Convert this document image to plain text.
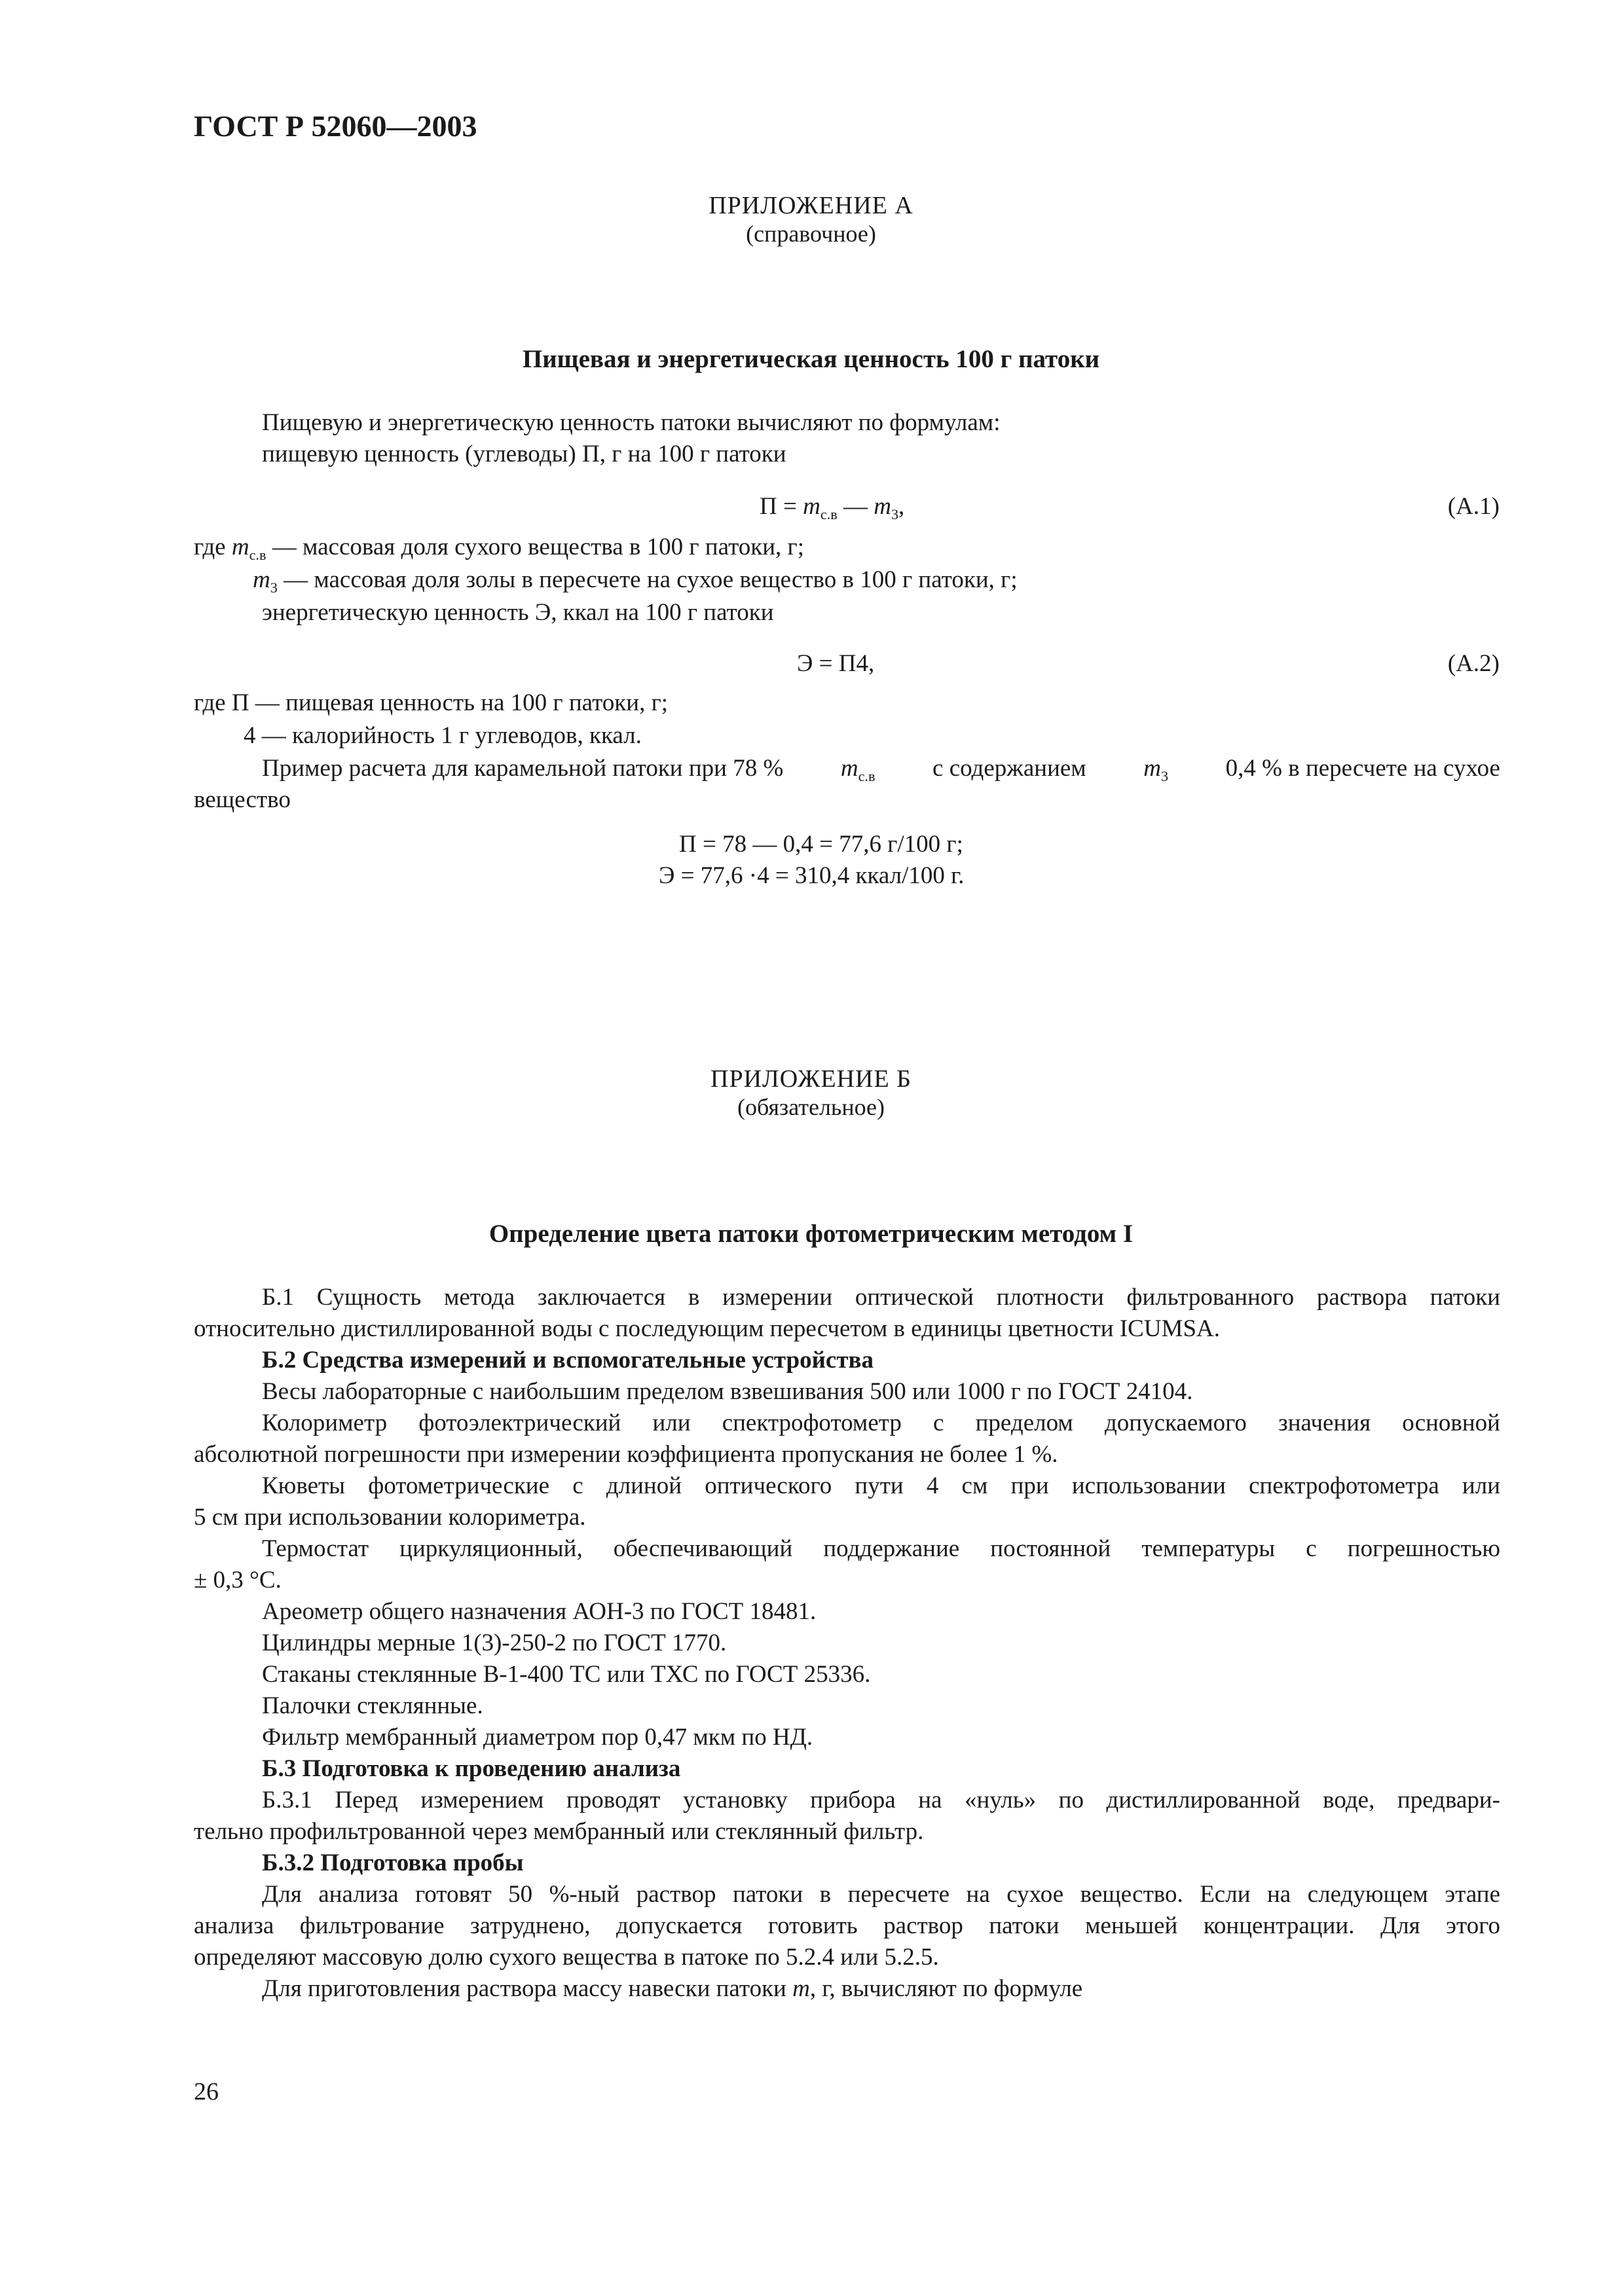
ГОСТ Р 52060—2003
ПРИЛОЖЕНИЕ А
(справочное)
Пищевая и энергетическая ценность 100 г патоки
Пищевую и энергетическую ценность патоки вычисляют по формулам:
пищевую ценность (углеводы) П, г на 100 г патоки
$П = m_{с.в}$ — $m_3$,	(А.1)
где $m_{с.в}$ — массовая доля сухого вещества в 100 г патоки, г;
$m_3$ — массовая доля золы в пересчете на сухое вещество в 100 г патоки, г;
энергетическую ценность Э, ккал на 100 г патоки
Э = П4,	(А.2)
где П — пищевая ценность на 100 г патоки, г;
4 — калорийность 1 г углеводов, ккал.
Пример расчета для карамельной патоки при 78 % $m_{с.в}$ с содержанием $m_3$ 0,4 % в пересчете на сухое
вещество
П = 78 — 0,4 = 77,6 г/100 г;
Э = 77,6 ·4 = 310,4 ккал/100 г.
ПРИЛОЖЕНИЕ Б
(обязательное)
Определение цвета патоки фотометрическим методом I
Б.1 Сущность метода заключается в измерении оптической плотности фильтрованного раствора патоки
относительно дистиллированной воды с последующим пересчетом в единицы цветности ICUMSA.
Б.2 Средства измерений и вспомогательные устройства
Весы лабораторные с наибольшим пределом взвешивания 500 или 1000 г по ГОСТ 24104.
Колориметр фотоэлектрический или спектрофотометр с пределом допускаемого значения основной
абсолютной погрешности при измерении коэффициента пропускания не более 1 %.
Кюветы фотометрические с длиной оптического пути 4 см при использовании спектрофотометра или
5 см при использовании колориметра.
Термостат циркуляционный, обеспечивающий поддержание постоянной температуры с погрешностью
± 0,3 °С.
Ареометр общего назначения АОН-3 по ГОСТ 18481.
Цилиндры мерные 1(3)-250-2 по ГОСТ 1770.
Стаканы стеклянные В-1-400 ТС или ТХС по ГОСТ 25336.
Палочки стеклянные.
Фильтр мембранный диаметром пор 0,47 мкм по НД.
Б.3 Подготовка к проведению анализа
Б.3.1 Перед измерением проводят установку прибора на «нуль» по дистиллированной воде, предвари-
тельно профильтрованной через мембранный или стеклянный фильтр.
Б.3.2 Подготовка пробы
Для анализа готовят 50 %-ный раствор патоки в пересчете на сухое вещество. Если на следующем этапе
анализа фильтрование затруднено, допускается готовить раствор патоки меньшей концентрации. Для этого
определяют массовую долю сухого вещества в патоке по 5.2.4 или 5.2.5.
Для приготовления раствора массу навески патоки m, г, вычисляют по формуле
26
